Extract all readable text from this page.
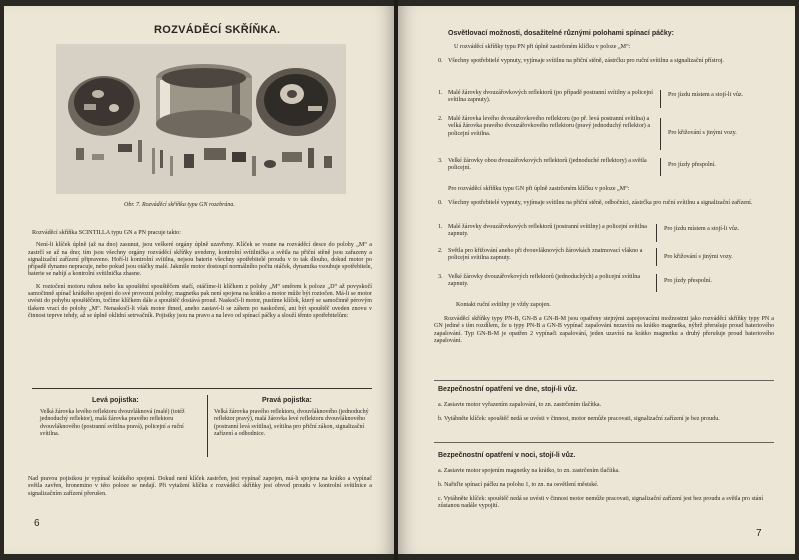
ROZVÁDĚCÍ SKŘÍŇKA.
Obr. 7. Rozváděcí skříňka typu GN rozebrána.

Rozváděcí skříňka SCINTILLA typu GN a PN pracuje takto:

Není-li klíček úplně (až na dno) zasunut, jsou veškeré orgány úplně uzavřeny. Klíček se vsune na rozváděcí desce do polohy „M“ a zastrčí se až na dno; tím jsou všechny orgány rozváděcí skříňky uvedeny, kontrolní svítilnička a světla na přiční stěně jsou zařazeny a signalizační zařízení připraveno. Hoří-li kontrolní svítilna, nejsou baterie všechny spotřebitelé proudu v to tak dlouho, dokud motor po případě dynamo nepracuje, nebo pokud jsou otáčky malé. Jakmile motor dostoupí normálního počtu otáček, dynamika vsoubuje spotřebitele, baterie se nabíjí a kontrolní svítilnička zhasne.

K roztočení motoru ruhou nebo ku spouštění spouštěčem stačí, otáčíme-li klíčkem z polohy „M“ směrem k poloze „D“ až povyskočí samočinně spínač krátkého spojení do své provozní polohy; magnetka pak není spojena na krátko a motor může být roztočen. Má-li se motor uvésti do pohybu spouštěčem, točíme klíčkem dále a spouštěč dostává proud. Naskočí-li motor, pustíme klíček, který se samočinně pérovým tlakem vrací do polohy „M“. Nenaskočí-li však motor ihned, aneho zastaví-li se záhem po naskočení, ani být spouštěč uveden znovu v činnost teprve tehdy, až se úplně oklidní setrvačník. Pojistky jsou na pravo a na levo od spínací páčky a slouží těmto spotřebitelům:

Levá pojistka:
Velká žárovka levého reflektoru dvouvláknová (malé) (totéž jednoduchý reflektor), malá žárovka pravého reflektoru dvouvláknového (postranní svítilna pravá), policejní a ruční svítilna.
Pravá pojistka:
Velká žárovka pravého reflektoru, dvouvláknového (jednoduchý reflektor pravý), malá žárovka levé reflektoru dvouvláknového (postranní levá svítilna), svítilna pro přiční zákon, signalizační zařízení a odhodnice.
Nad pravou pojistkou je vypínač krátkého spojení. Dokud není klíček zastrčen, jest vypínač zapojen, má-li spojena na krátko a vypínač světla zavřen, hronemino v této poloze se nedají. Při vytažení klíčku z rozváděcí skříňky jest obvod proudu v kontrolní svítilnice a signalizačním zařízení přerušen.
6
Osvětlovací možnosti, dosažitelné různými polohami spínací páčky:
U rozváděcí skříňky typu PN při úplně zastrčeném klíčku v poloze „M“:
0. Všechny spotřebitelé vypnuty, vyjímaje svítilnu na přiční stěně, zástrčku pro ruční svítilnu a signalizační přístroj.
1. Malé žárovky dvouzářovkových reflektorů (po případě postranní svítilny a policejní svítilna zapnuty).
Pro jízdu místem a stojí-li vůz.
2. Malé žárovka levého dvouzářovkového reflektoru (po př. levá postranní svítilna) a velká žárovka pravého dvouzářovkového reflektoru (pravý jednoduchý reflektor) a policejní svítilna.	Pro křižování s jinými vozy.
3. Velké žárovky obou dvouzářovkových reflektorů (jednoduché reflektory) a světla policejní.
Pro jízdy přespolní.
Pro rozváděcí skříňku typu GN při úplně zastrčeném klíčku v poloze „M“:
0. Všechny spotřebitelé vypnuty, vyjímaje svítilnu na přiční stěně, odbočníci, zástrčka pro ruční svítilnu a signalizační zařízení.
1. Malé žárovky dvouzářovkových reflektorů (postranní svítilny) a policejní svítilna zapnuty.
Pro jízdu místem a stojí-li vůz.
2. Světla pro křižování aneho při dvouvláknových žárovkách znatmovací vlákno a policejní svítilna zapnuty.	Pro křižování s jinými vozy.
3. Velké žárovky dvouzářovkových reflektorů (jednoduchých) a policejní svítilna zapnuty.
Pro jízdy přespolní.
Kontakt ruční svítilny je vždy zapojen.
Rozváděcí skříňky typy PN-B, GN-B a GN-B-M jsou opatřeny stejnými zapojovacími možnostmi jako rozváděcí skříňky typy PN a GN jediné s tím rozdílem, že u typy PN-B a GN-B vypínač zapalování nezavírá na krátko magnetka, nýbrž přerušuje proud bateriového zapalování. Typ GN-B-M je opatřen 2 vypínači zapalování, jeden uzavírá na krátko magnetku a druhý přerušuje proud bateriového zapalování.
Bezpečnostní opatření ve dne, stojí-li vůz.
a. Zastavte motor vyřazením zapalování, to zn. zastrčením tlačítka.
b. Vytáhněte klíček: spouštěč nedá se uvésti v činnost, motor nemůže pracovati, signalizační zařízení je bez proudu.
Bezpečnostní opatření v noci, stojí-li vůz.
a. Zastavte motor spojením magnetky na krátko, to zn. zastrčením tlačítka.
b. Nařiďte spínací páčku na polohu 1, to zn. na osvětlení městské.
c. Vytáhněte klíček: spouštěč nedá se uvésti v činnost motor nemůže pracovati, signalizační zařízení jest bez proudu a světla pro stání zůstanou nadále vypojití.
7
